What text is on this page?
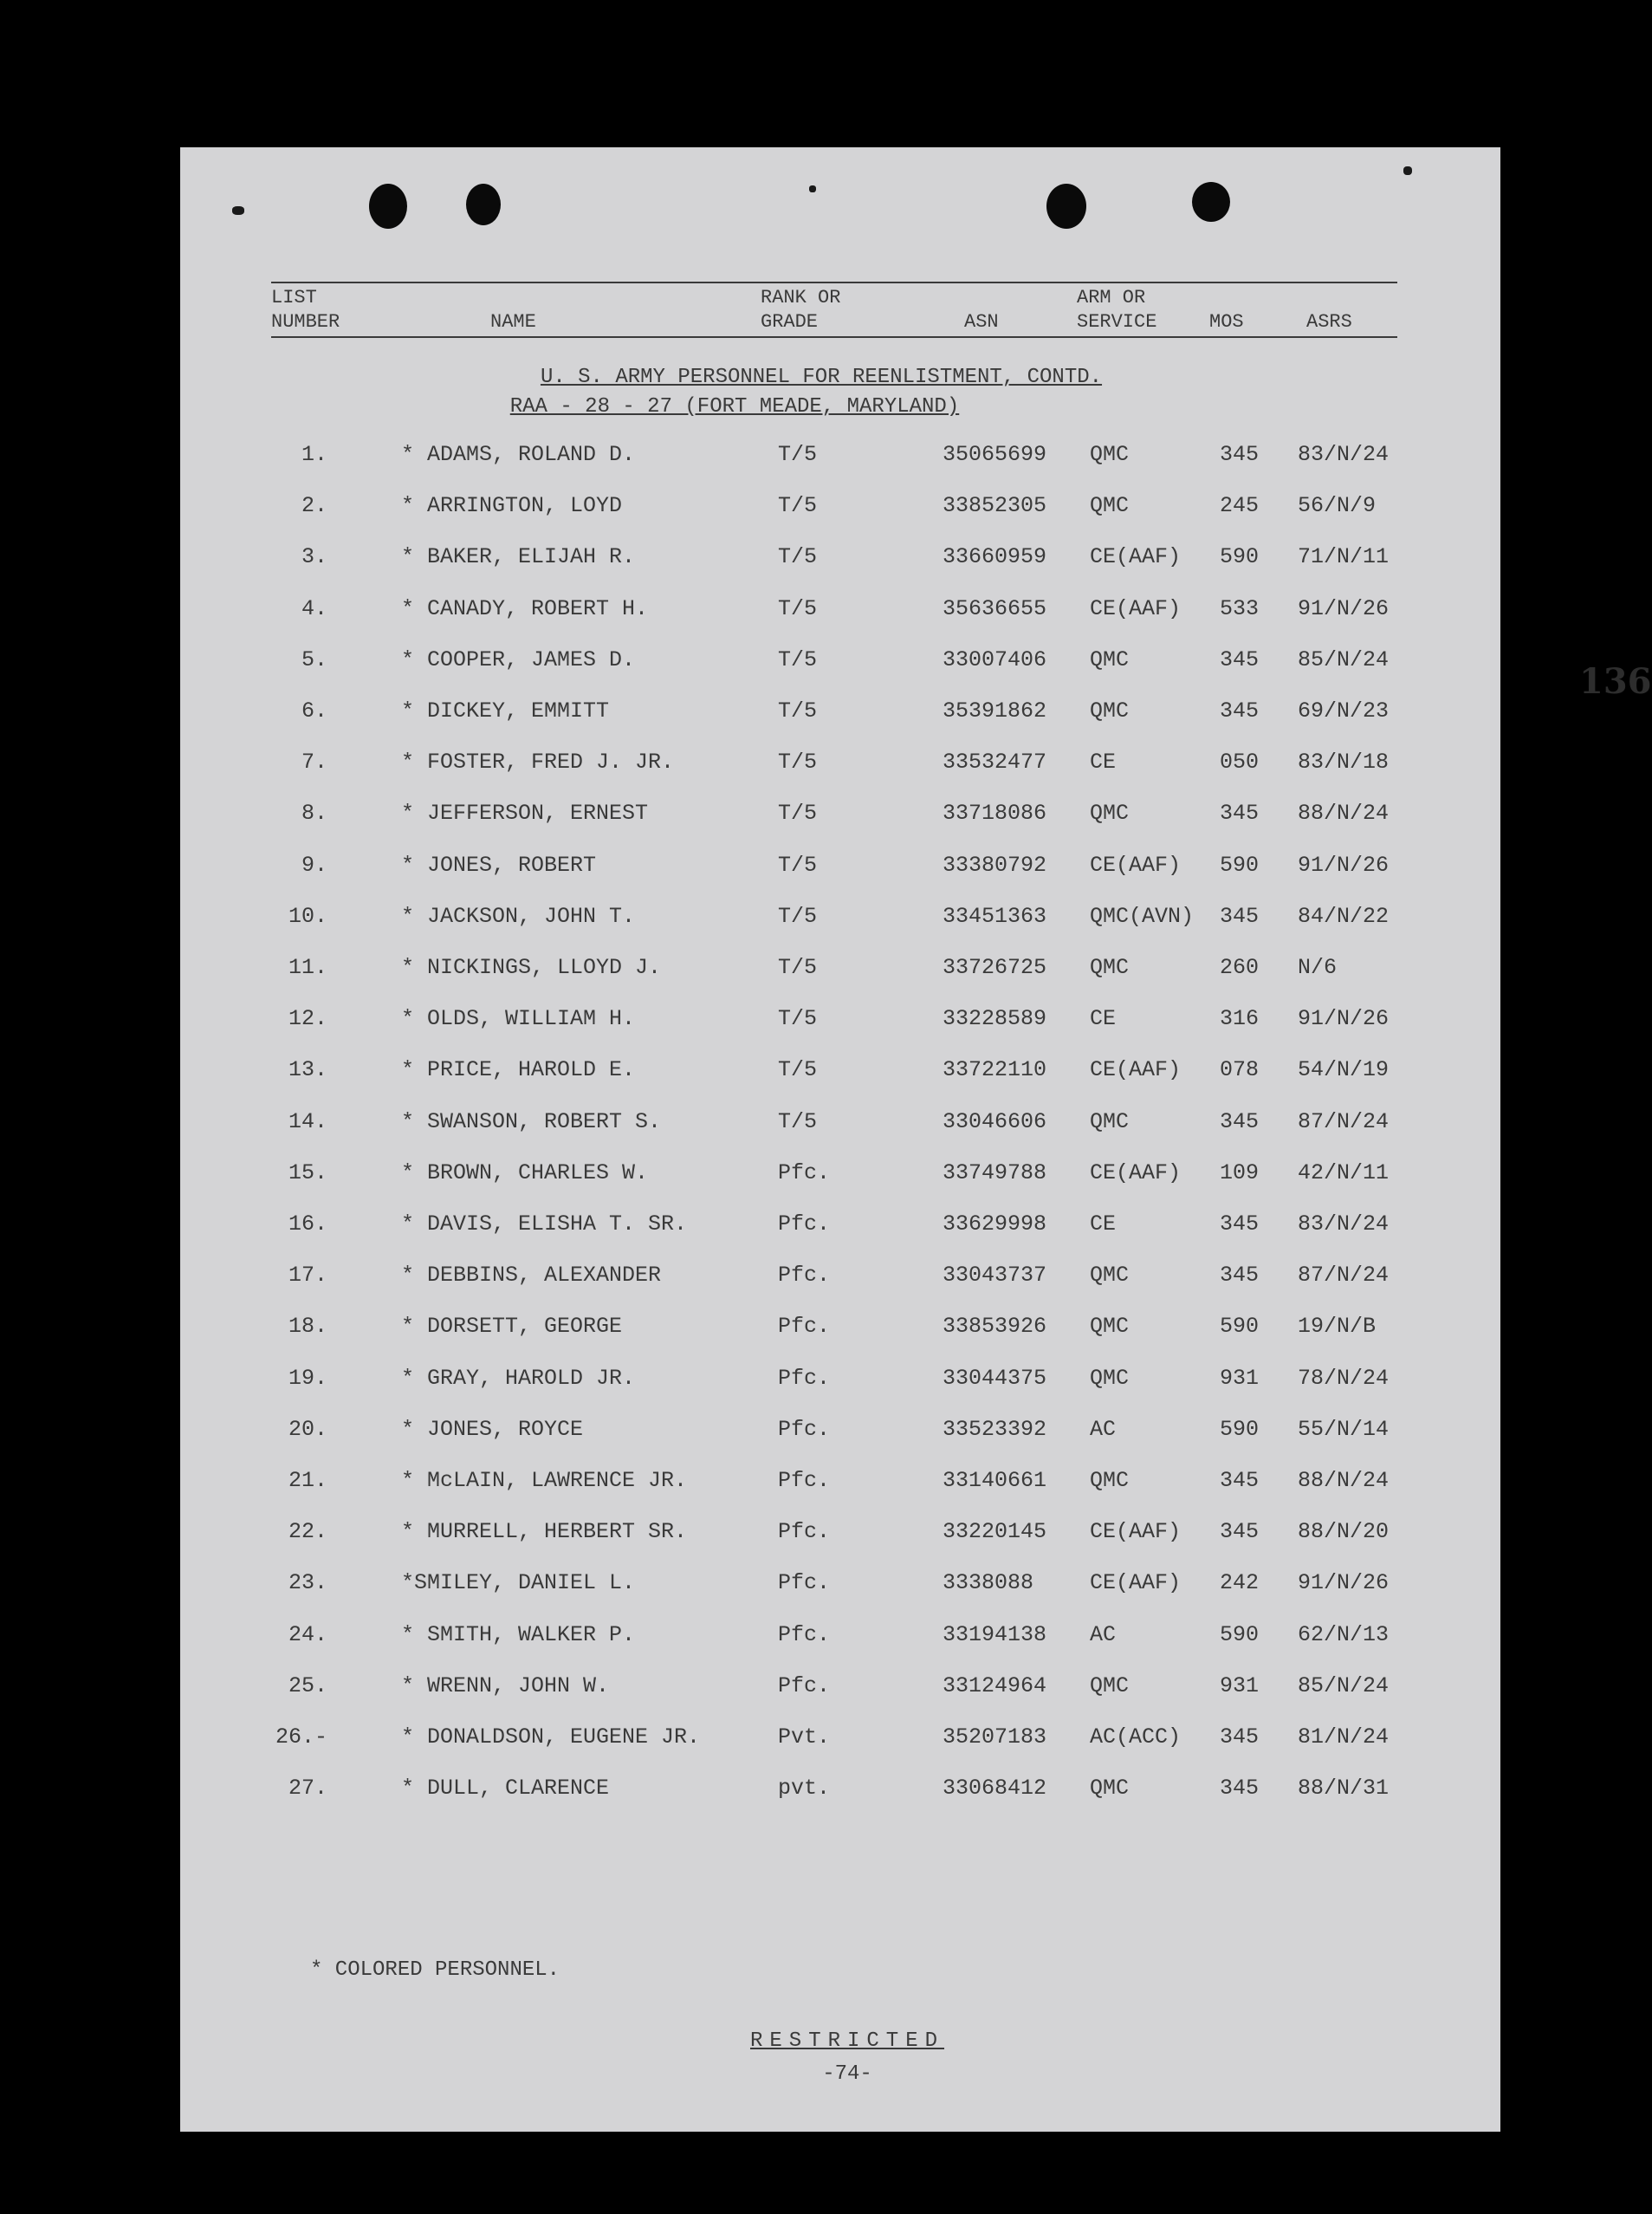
LIST
NUMBER	NAME
RANK OR
GRADE	ASN
ARM OR
SERVICE	MOS	ASRS
U. S. ARMY PERSONNEL FOR REENLISTMENT, CONTD.
RAA - 28 - 27 (FORT MEADE, MARYLAND)
136
1.	* ADAMS, ROLAND D.	T/5	35065699 QMC	345 83/N/24
2.	* ARRINGTON, LOYD	T/5	33852305 QMC	245 56/N/9
3.	* BAKER, ELIJAH R.	T/5	33660959 CE(AAF) 590 71/N/11
4.	* CANADY, ROBERT H.	T/5	35636655 CE(AAF) 533 91/N/26
5.	* COOPER, JAMES D.	T/5	33007406 QMC	345 85/N/24
6.	* DICKEY, EMMITT	T/5	35391862 QMC	345 69/N/23
7.	* FOSTER, FRED J. JR.	T/5	33532477 CE	050 83/N/18
8.	* JEFFERSON, ERNEST	T/5	33718086 QMC	345 88/N/24
9.	* JONES, ROBERT	T/5	33380792 CE(AAF) 590 91/N/26
10.	* JACKSON, JOHN T.	T/5	33451363 QMC(AVN) 345 84/N/22
11.	* NICKINGS, LLOYD J.	T/5	33726725 QMC	260 N/6
12.	* OLDS, WILLIAM H.	T/5	33228589 CE	316 91/N/26
13.	* PRICE, HAROLD E.	T/5	33722110 CE(AAF) 078 54/N/19
14.	* SWANSON, ROBERT S.	T/5	33046606 QMC	345 87/N/24
15.	* BROWN, CHARLES W.	Pfc.	33749788 CE(AAF) 109 42/N/11
16.	* DAVIS, ELISHA T. SR.	Pfc.	33629998 CE	345 83/N/24
17.	* DEBBINS, ALEXANDER	Pfc.	33043737 QMC	345 87/N/24
18.	* DORSETT, GEORGE	Pfc.	33853926 QMC	590 19/N/B
19.	* GRAY, HAROLD JR.	Pfc.	33044375 QMC	931 78/N/24
20.	* JONES, ROYCE	Pfc.	33523392 AC	590 55/N/14
21.	* McLAIN, LAWRENCE JR.	Pfc.	33140661 QMC	345 88/N/24
22.	* MURRELL, HERBERT SR.	Pfc.	33220145 CE(AAF) 345 88/N/20
23.	*SMILEY, DANIEL L.	Pfc.	3338088	CE(AAF) 242 91/N/26
24.	* SMITH, WALKER P.	Pfc.	33194138 AC	590 62/N/13
25.	* WRENN, JOHN W.	Pfc.	33124964 QMC	931 85/N/24
26.-	* DONALDSON, EUGENE JR.	Pvt.	35207183 AC(ACC) 345 81/N/24
27.	* DULL, CLARENCE	pvt.	33068412 QMC	345 88/N/31
* COLORED PERSONNEL.
RESTRICTED
-74-
